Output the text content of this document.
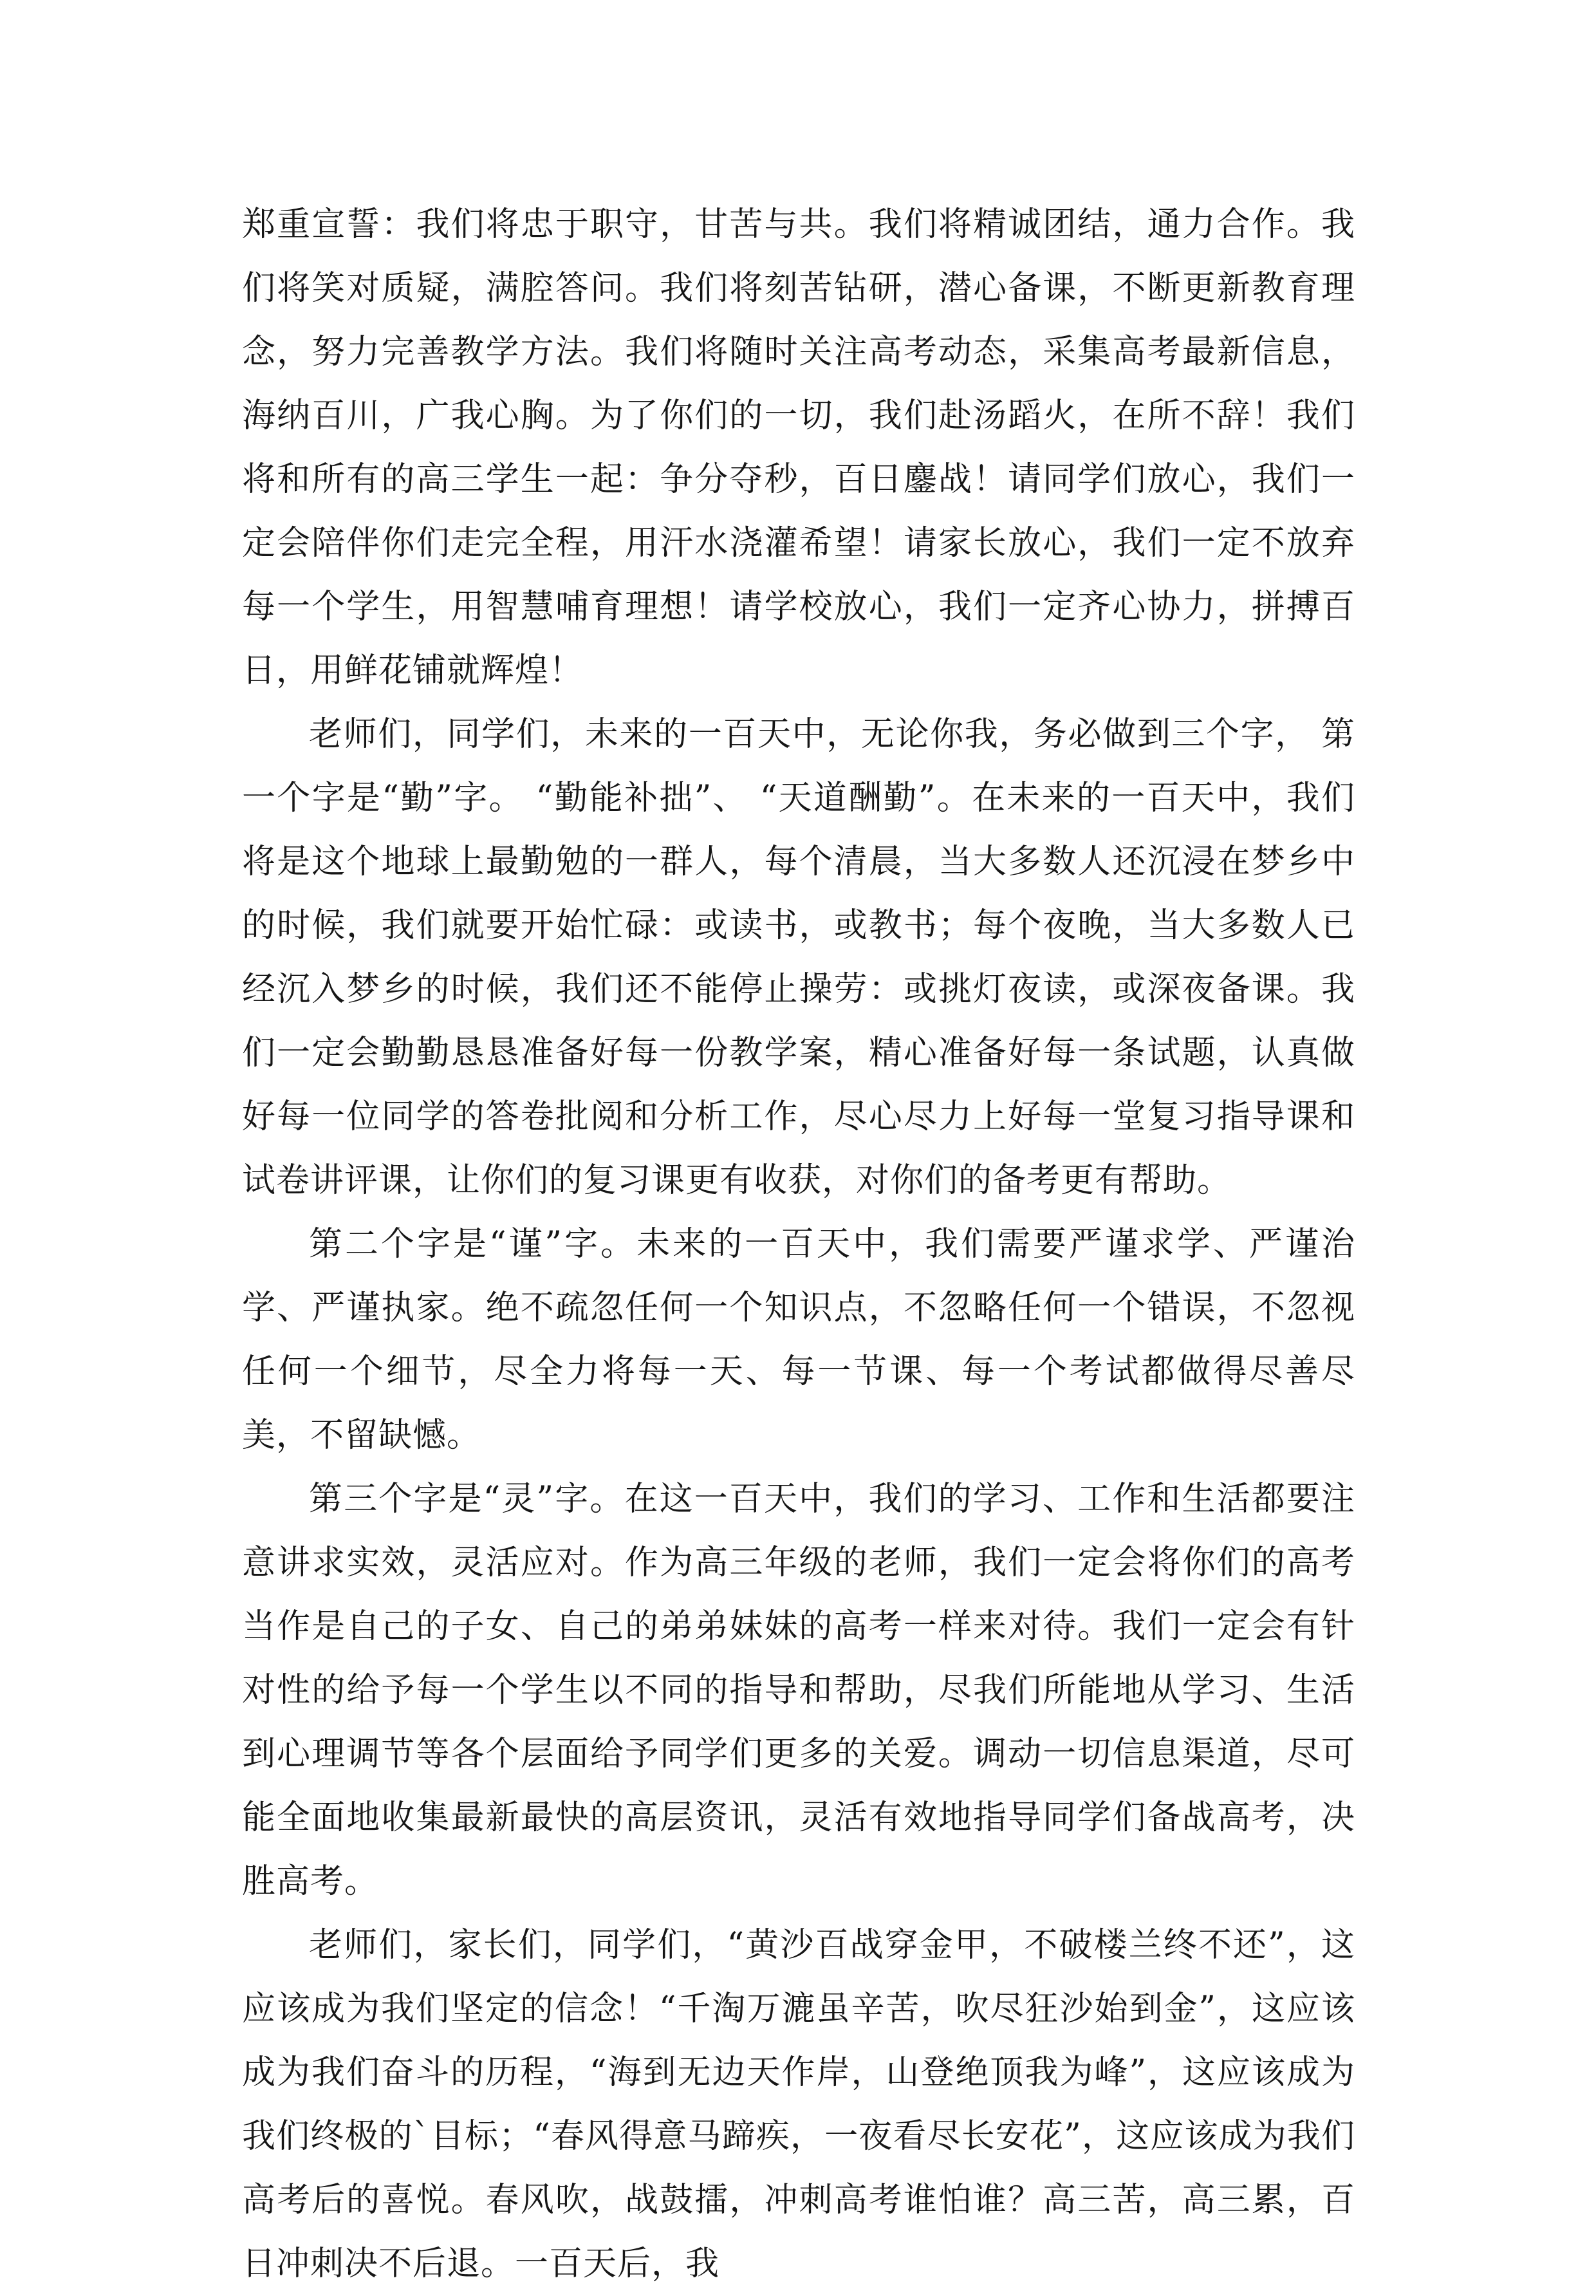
郑重宣誓：我们将忠于职守，甘苦与共。我们将精诚团结，通力合作。我们将笑对质疑，满腔答问。我们将刻苦钻研，潜心备课，不断更新教育理念，努力完善教学方法。我们将随时关注高考动态，采集高考最新信息，海纳百川，广我心胸。为了你们的一切，我们赴汤蹈火，在所不辞！我们将和所有的高三学生一起：争分夺秒，百日鏖战！请同学们放心，我们一定会陪伴你们走完全程，用汗水浇灌希望！请家长放心，我们一定不放弃每一个学生，用智慧哺育理想！请学校放心，我们一定齐心协力，拼搏百日，用鲜花铺就辉煌！

老师们，同学们，未来的一百天中，无论你我，务必做到三个字， 第一个字是“勤”字。 “勤能补拙”、 “天道酬勤”。在未来的一百天中，我们将是这个地球上最勤勉的一群人，每个清晨，当大多数人还沉浸在梦乡中的时候，我们就要开始忙碌：或读书，或教书；每个夜晚，当大多数人已经沉入梦乡的时候，我们还不能停止操劳：或挑灯夜读，或深夜备课。我们一定会勤勤恳恳准备好每一份教学案，精心准备好每一条试题，认真做好每一位同学的答卷批阅和分析工作，尽心尽力上好每一堂复习指导课和试卷讲评课，让你们的复习课更有收获，对你们的备考更有帮助。

第二个字是“谨”字。未来的一百天中，我们需要严谨求学、严谨治学、严谨执家。绝不疏忽任何一个知识点，不忽略任何一个错误，不忽视任何一个细节，尽全力将每一天、每一节课、每一个考试都做得尽善尽美，不留缺憾。

第三个字是“灵”字。在这一百天中，我们的学习、工作和生活都要注意讲求实效，灵活应对。作为高三年级的老师，我们一定会将你们的高考当作是自己的子女、自己的弟弟妹妹的高考一样来对待。我们一定会有针对性的给予每一个学生以不同的指导和帮助，尽我们所能地从学习、生活到心理调节等各个层面给予同学们更多的关爱。调动一切信息渠道，尽可能全面地收集最新最快的高层资讯，灵活有效地指导同学们备战高考，决胜高考。

老师们，家长们，同学们，“黄沙百战穿金甲，不破楼兰终不还”，这应该成为我们坚定的信念！“千淘万漉虽辛苦，吹尽狂沙始到金”，这应该成为我们奋斗的历程，“海到无边天作岸，山登绝顶我为峰”，这应该成为我们终极的`目标；“春风得意马蹄疾，一夜看尽长安花”，这应该成为我们高考后的喜悦。春风吹，战鼓擂，冲刺高考谁怕谁？高三苦，高三累，百日冲刺决不后退。一百天后，我
